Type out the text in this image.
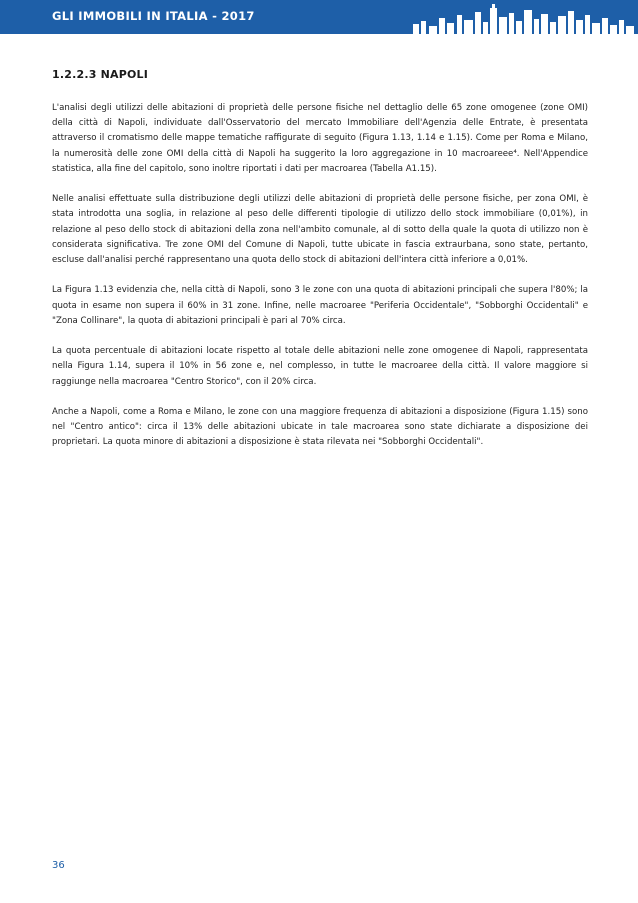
GLI IMMOBILI IN ITALIA - 2017
1.2.2.3 NAPOLI

L'analisi degli utilizzi delle abitazioni di proprietà delle persone fisiche nel dettaglio delle 65 zone omogenee (zone OMI) della città di Napoli, individuate dall'Osservatorio del mercato Immobiliare dell'Agenzia delle Entrate, è presentata attraverso il cromatismo delle mappe tematiche raffigurate di seguito (Figura 1.13, 1.14 e 1.15). Come per Roma e Milano, la numerosità delle zone OMI della città di Napoli ha suggerito la loro aggregazione in 10 macroareee⁴. Nell'Appendice statistica, alla fine del capitolo, sono inoltre riportati i dati per macroarea (Tabella A1.15).

Nelle analisi effettuate sulla distribuzione degli utilizzi delle abitazioni di proprietà delle persone fisiche, per zona OMI, è stata introdotta una soglia, in relazione al peso delle differenti tipologie di utilizzo dello stock immobiliare (0,01%), in relazione al peso dello stock di abitazioni della zona nell'ambito comunale, al di sotto della quale la quota di utilizzo non è considerata significativa. Tre zone OMI del Comune di Napoli, tutte ubicate in fascia extraurbana, sono state, pertanto, escluse dall'analisi perché rappresentano una quota dello stock di abitazioni dell'intera città inferiore a 0,01%.

La Figura 1.13 evidenzia che, nella città di Napoli, sono 3 le zone con una quota di abitazioni principali che supera l'80%; la quota in esame non supera il 60% in 31 zone. Infine, nelle macroaree "Periferia Occidentale", "Sobborghi Occidentali" e "Zona Collinare", la quota di abitazioni principali è pari al 70% circa.

La quota percentuale di abitazioni locate rispetto al totale delle abitazioni nelle zone omogenee di Napoli, rappresentata nella Figura 1.14, supera il 10% in 56 zone e, nel complesso, in tutte le macroaree della città. Il valore maggiore si raggiunge nella macroarea "Centro Storico", con il 20% circa.

Anche a Napoli, come a Roma e Milano, le zone con una maggiore frequenza di abitazioni a disposizione (Figura 1.15) sono nel "Centro antico": circa il 13% delle abitazioni ubicate in tale macroarea sono state dichiarate a disposizione dei proprietari. La quota minore di abitazioni a disposizione è stata rilevata nei "Sobborghi Occidentali".

36
